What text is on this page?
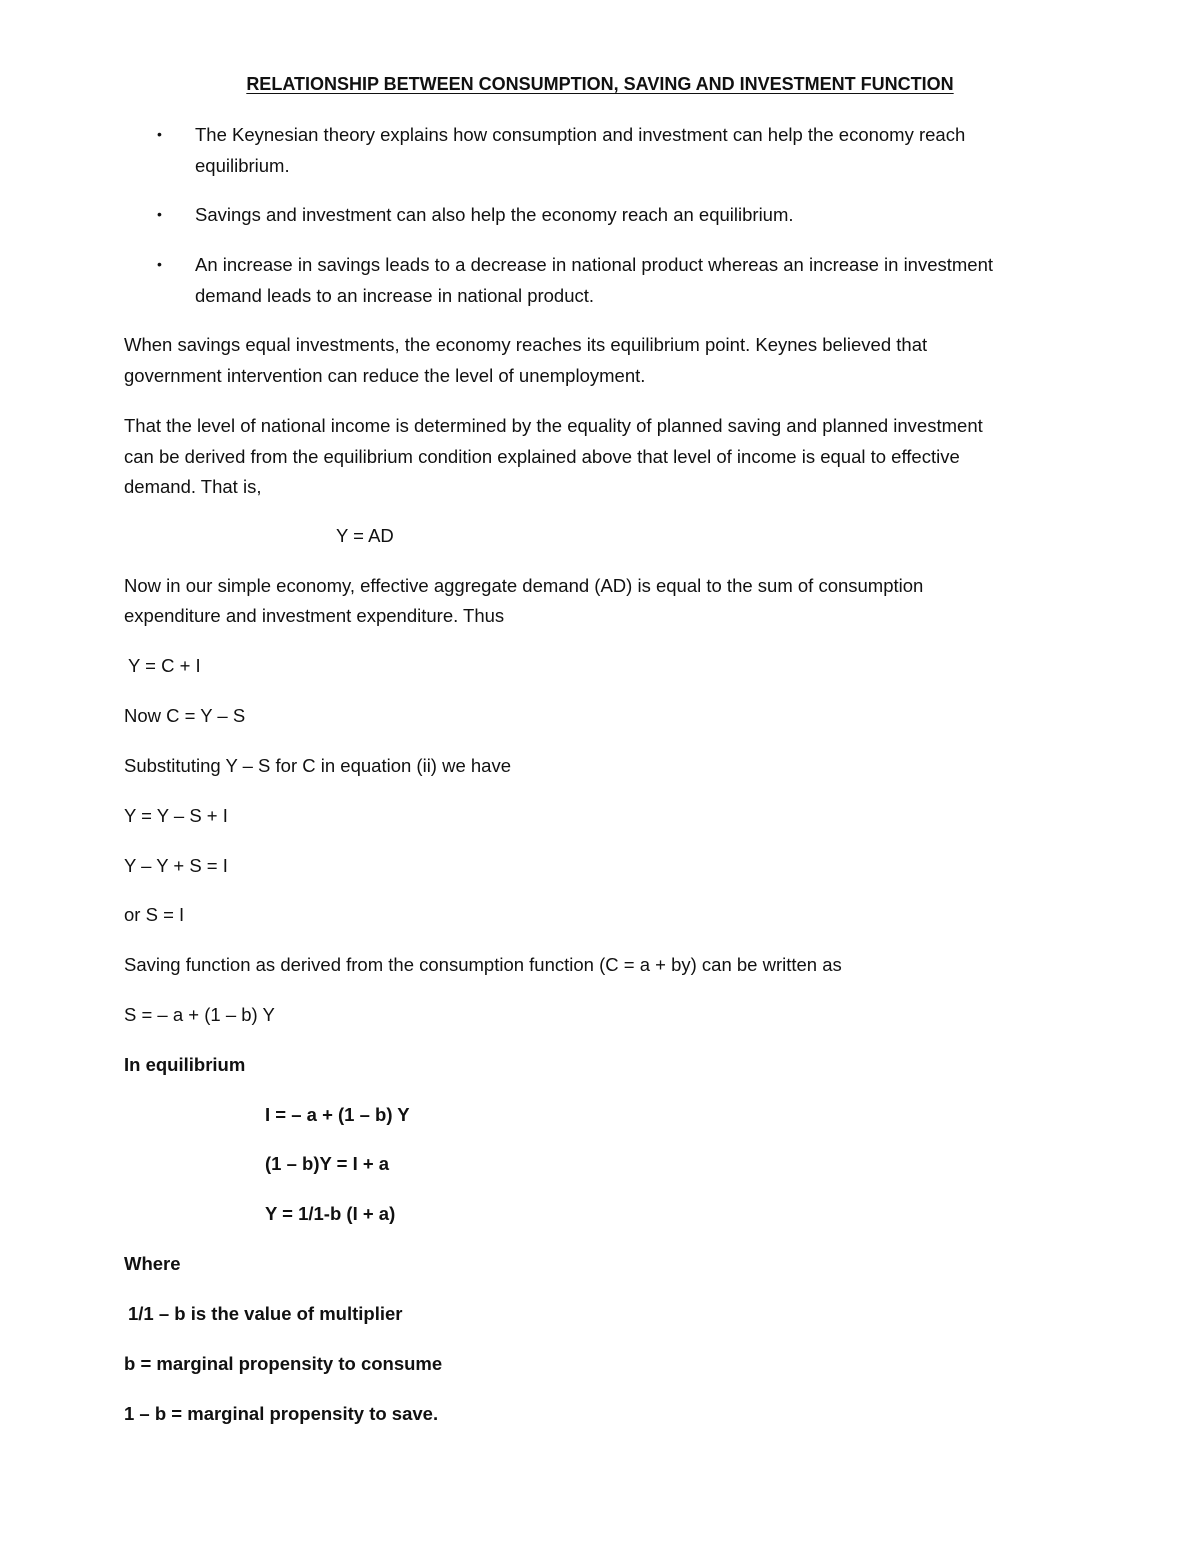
RELATIONSHIP BETWEEN CONSUMPTION, SAVING AND INVESTMENT FUNCTION

• The Keynesian theory explains how consumption and investment can help the economy reach

equilibrium.

• Savings and investment can also help the economy reach an equilibrium.

• An increase in savings leads to a decrease in national product whereas an increase in investment

demand leads to an increase in national product.

When savings equal investments, the economy reaches its equilibrium point. Keynes believed that

government intervention can reduce the level of unemployment.

That the level of national income is determined by the equality of planned saving and planned investment

can be derived from the equilibrium condition explained above that level of income is equal to effective

demand. That is,

Y = AD

Now in our simple economy, effective aggregate demand (AD) is equal to the sum of consumption

expenditure and investment expenditure. Thus

Y = C + I

Now C = Y – S

Substituting Y – S for C in equation (ii) we have

Y = Y – S + I

Y – Y + S = I

or S = I

Saving function as derived from the consumption function (C = a + by) can be written as

S = – a + (1 – b) Y

In equilibrium

I = – a + (1 – b) Y

(1 – b)Y = I + a

Y = 1/1-b (I + a)

Where

1/1 – b is the value of multiplier

b = marginal propensity to consume

1 – b = marginal propensity to save.
